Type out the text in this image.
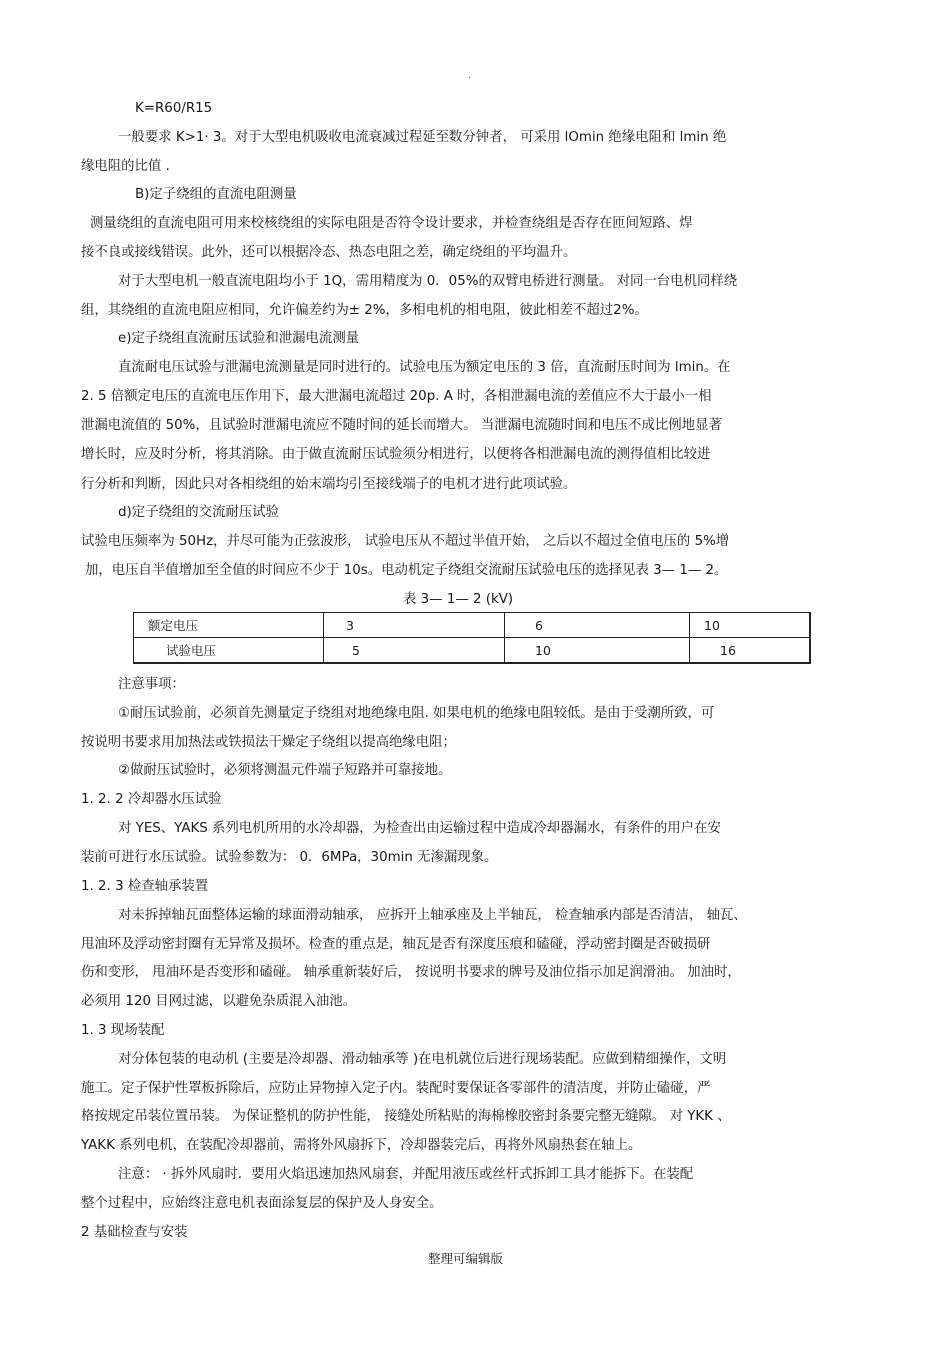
.
K=R60/R15
一般要求 K>1· 3。对于大型电机吸收电流衰减过程延至数分钟者， 可采用 lOmin 绝缘电阻和 lmin 绝
缘电阻的比值 .
B)定子绕组的直流电阻测量
测量绕组的直流电阻可用来校核绕组的实际电阻是否符令设计要求，并检查绕组是否存在匝间短路、焊
接不良或接线错误。此外，还可以根据冷态、热态电阻之差，确定绕组的平均温升。
对于大型电机一般直流电阻均小于 1Q，需用精度为 0．05%的双臂电桥进行测量。 对同一台电机同样绕
组，其绕组的直流电阻应相同，允许偏差约为± 2%，多相电机的相电阻，彼此相差不超过2%。
e)定子绕组直流耐压试验和泄漏电流测量
直流耐电压试验与泄漏电流测量是同时进行的。试验电压为额定电压的 3 倍，直流耐压时间为 lmin。在
2. 5 倍额定电压的直流电压作用下，最大泄漏电流超过 20p. A 时，各相泄漏电流的差值应不大于最小一相
泄漏电流值的 50%，且试验时泄漏电流应不随时间的延长而增大。 当泄漏电流随时间和电压不成比例地显著
增长时，应及时分析，将其消除。由于做直流耐压试验须分相进行，以便将各相泄漏电流的测得值相比较进
行分析和判断，因此只对各相绕组的始末端均引至接线端子的电机才进行此项试验。
d)定子绕组的交流耐压试验
试验电压频率为 50Hz，并尽可能为正弦波形， 试验电压从不超过半值开始， 之后以不超过全值电压的 5%增
加，电压自半值增加至全值的时间应不少于 10s。电动机定子绕组交流耐压试验电压的选择见表 3— 1— 2。
表 3— 1— 2 (kV)
额定电压	3	6	10
试验电压	5	10	16
注意事项：
①耐压试验前，必须首先测量定子绕组对地绝缘电阻. 如果电机的绝缘电阻较低。是由于受潮所致，可
按说明书要求用加热法或铁损法干燥定子绕组以提高绝缘电阻；
②做耐压试验时，必须将测温元件端子短路并可靠接地。
1. 2. 2 冷却器水压试验
对 YES、YAKS 系列电机所用的水冷却器，为检查出由运输过程中造成冷却器漏水，有条件的用户在安
装前可进行水压试验。试验参数为： 0．6MPa，30min 无渗漏现象。
1. 2. 3 检查轴承装置
对未拆掉轴瓦面整体运输的球面滑动轴承， 应拆开上轴承座及上半轴瓦， 检查轴承内部是否清洁， 轴瓦、
甩油环及浮动密封圈有无异常及损坏。检查的重点是，轴瓦是否有深度压痕和磕碰，浮动密封圈是否破损研
伤和变形， 甩油环是否变形和磕碰。 轴承重新装好后， 按说明书要求的牌号及油位指示加足润滑油。 加油时，
必须用 120 目网过滤，以避免杂质混入油池。
1. 3 现场装配
对分体包装的电动机 (主要是冷却器、滑动轴承等 )在电机就位后进行现场装配。应做到精细操作，文明
施工。定子保护性罩板拆除后，应防止异物掉入定子内。装配时要保证各零部件的清洁度，并防止磕碰，严
格按规定吊装位置吊装。 为保证整机的防护性能， 接缝处所粘贴的海棉橡胶密封条要完整无缝隙。 对 YKK 、
YAKK 系列电机，在装配冷却器前，需将外风扇拆下，冷却器装完后，再将外风扇热套在轴上。
注意： · 拆外风扇时．要用火焰迅速加热风扇套，并配用液压或丝杆式拆卸工具才能拆下。在装配
整个过程中，应始终注意电机表面涂复层的保护及人身安全。
2 基础检查与安装
整理可编辑版
